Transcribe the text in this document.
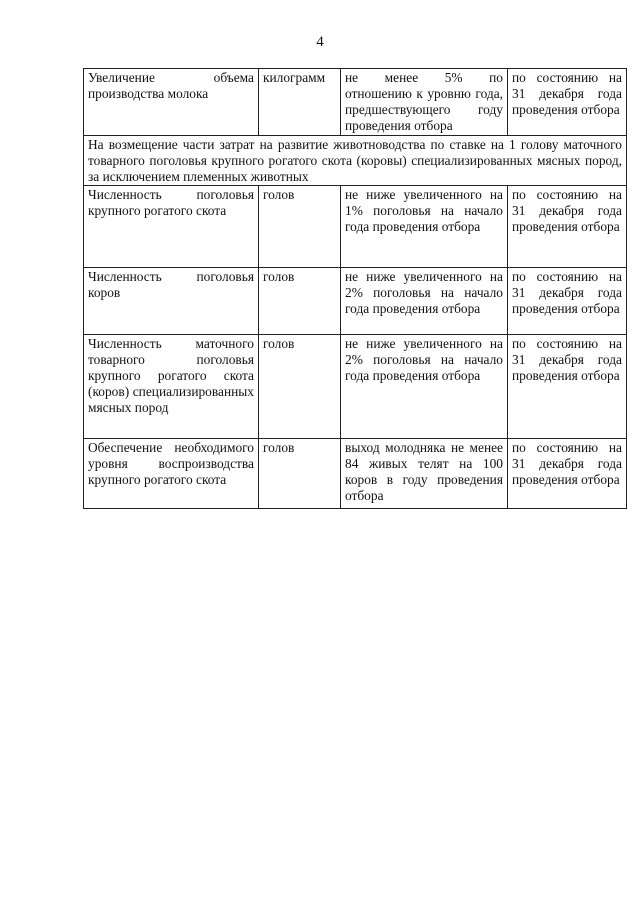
4
Увеличение объема производства молока	килограмм	не менее 5% по отношению к уровню года, предшествующего году проведения отбора	по состоянию на 31 декабря года проведения отбора
На возмещение части затрат на развитие животноводства по ставке на 1 голову маточного товарного поголовья крупного рогатого скота (коровы) специализированных мясных пород, за исключением племенных животных			
Численность поголовья крупного рогатого скота	голов	не ниже увеличенного на 1% поголовья на начало года проведения отбора	по состоянию на 31 декабря года проведения отбора
Численность поголовья коров	голов	не ниже увеличенного на 2% поголовья на начало года проведения отбора	по состоянию на 31 декабря года проведения отбора
Численность маточного товарного поголовья крупного рогатого скота (коров) специализированных мясных пород	голов	не ниже увеличенного на 2% поголовья на начало года проведения отбора	по состоянию на 31 декабря года проведения отбора
Обеспечение необходимого уровня воспроизводства крупного рогатого скота	голов	выход молодняка не менее 84 живых телят на 100 коров в году проведения отбора	по состоянию на 31 декабря года проведения отбора
